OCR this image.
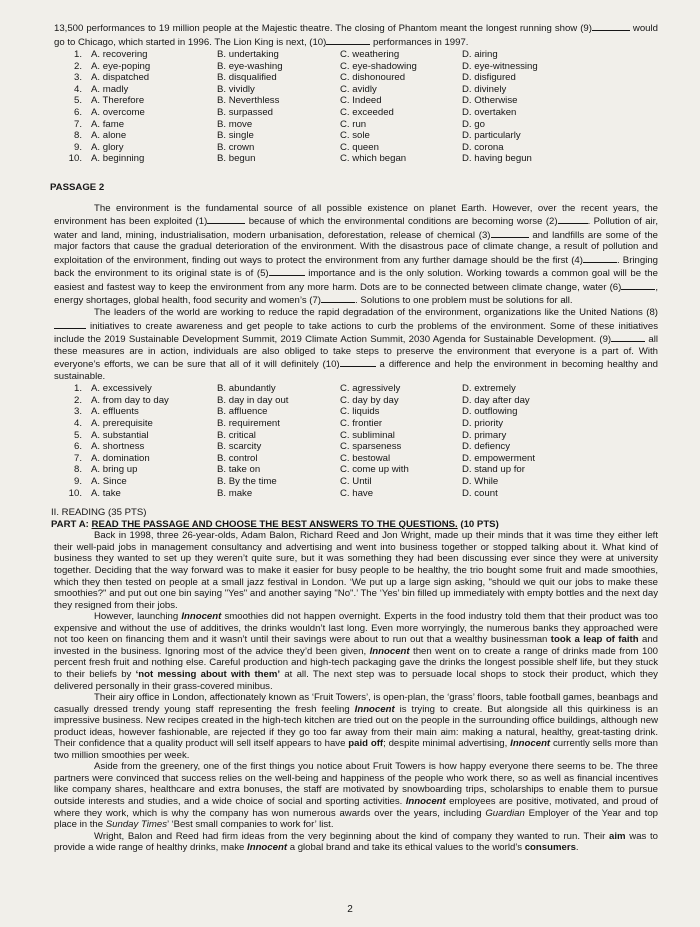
13,500 performances to 19 million people at the Majestic theatre. The closing of Phantom meant the longest running show (9)	would go to Chicago, which started in 1996. The Lion King is next, (10)	performances in 1997.

1. A. recovering	B. undertaking	C. weathering	D. airing
2. A. eye-poping	B. eye-washing	C. eye-shadowing	D. eye-witnessing
3. A. dispatched	B. disqualified	C. dishonoured	D. disfigured
4. A. madly	B. vividly	C. avidly	D. divinely
5. A. Therefore	B. Neverthless	C. Indeed	D. Otherwise
6. A. overcome	B. surpassed	C. exceeded	D. overtaken
7. A. fame	B. move	C. run	D. go
8. A. alone	B. single	C. sole	D. particularly
9. A. glory	B. crown	C. queen	D. corona
10. A. beginning	B. begun	C. which began	D. having begun

PASSAGE 2

The environment is the fundamental source of all possible existence on planet Earth. However, over the recent years, the environment has been exploited (1)	because of which the environmental conditions are becoming worse (2)	. Pollution of air, water and land, mining, industrialisation, modern urbanisation, deforestation, release of chemical (3)	and landfills are some of the major factors that cause the gradual deterioration of the environment. With the disastrous pace of climate change, a result of pollution and exploitation of the environment, finding out ways to protect the environment from any further damage should be the first (4)	. Bringing back the environment to its original state is of (5)	importance and is the only solution. Working towards a common goal will be the easiest and fastest way to keep the environment from any more harm. Dots are to be connected between climate change, water (6)	, energy shortages, global health, food security and women’s (7)	. Solutions to one problem must be solutions for all.

The leaders of the world are working to reduce the rapid degradation of the environment, organizations like the United Nations (8) initiatives to create awareness and get people to take actions to curb the problems of the environment. Some of these initiatives include the 2019 Sustainable Development Summit, 2019 Climate Action Summit, 2030 Agenda for Sustainable Development. (9)	all these measures are in action, individuals are also obliged to take steps to preserve the environment that everyone is a part of. With everyone’s efforts, we can be sure that all of it will definitely (10)	a difference and help the environment in becoming healthy and sustainable.

1. A. excessively	B. abundantly	C. agressively	D. extremely
2. A. from day to day	B. day in day out	C. day by day	D. day after day
3. A. effluents	B. affluence	C. liquids	D. outflowing
4. A. prerequisite	B. requirement	C. frontier	D. priority
5. A. substantial	B. critical	C. subliminal	D. primary
6. A. shortness	B. scarcity	C. sparseness	D. defiency
7. A. domination	B. control	C. bestowal	D. empowerment
8. A. bring up	B. take on	C. come up with	D. stand up for
9. A. Since	B. By the time	C. Until	D. While
10. A. take	B. make	C. have	D. count

II. READING (35 PTS)

PART A: READ THE PASSAGE AND CHOOSE THE BEST ANSWERS TO THE QUESTIONS. (10 PTS)

Back in 1998, three 26-year-olds, Adam Balon, Richard Reed and Jon Wright, made up their minds that it was time they either left their well-paid jobs in management consultancy and advertising and went into business together or stopped talking about it. What kind of business they wanted to set up they weren’t quite sure, but it was something they had been discussing ever since they were at university together. Deciding that the way forward was to make it easier for busy people to be healthy, the trio bought some fruit and made smoothies, which they then tested on people at a small jazz festival in London. ‘We put up a large sign asking, "should we quit our jobs to make these smoothies?" and put out one bin saying "Yes" and another saying "No".’ The ‘Yes’ bin filled up immediately with empty bottles and the next day they resigned from their jobs.

However, launching Innocent smoothies did not happen overnight. Experts in the food industry told them that their product was too expensive and without the use of additives, the drinks wouldn’t last long. Even more worryingly, the numerous banks they approached were not too keen on financing them and it wasn’t until their savings were about to run out that a wealthy businessman took a leap of faith and invested in the business. Ignoring most of the advice they’d been given, Innocent then went on to create a range of drinks made from 100 percent fresh fruit and nothing else. Careful production and high-tech packaging gave the drinks the longest possible shelf life, but they stuck to their beliefs by ‘not messing about with them’ at all. The next step was to persuade local shops to stock their product, which they delivered personally in their grass-covered minibus.

Their airy office in London, affectionately known as ‘Fruit Towers’, is open-plan, the ‘grass’ floors, table football games, beanbags and casually dressed trendy young staff representing the fresh feeling Innocent is trying to create. But alongside all this quirkiness is an impressive business. New recipes created in the high-tech kitchen are tried out on the people in the surrounding office buildings, although new product ideas, however fashionable, are rejected if they go too far away from their main aim: making a natural, healthy, great-tasting drink. Their confidence that a quality product will sell itself appears to have paid off; despite minimal advertising, Innocent currently sells more than two million smoothies per week.

Aside from the greenery, one of the first things you notice about Fruit Towers is how happy everyone there seems to be. The three partners were convinced that success relies on the well-being and happiness of the people who work there, so as well as financial incentives like company shares, healthcare and extra bonuses, the staff are motivated by snowboarding trips, scholarships to enable them to pursue outside interests and studies, and a wide choice of social and sporting activities. Innocent employees are positive, motivated, and proud of where they work, which is why the company has won numerous awards over the years, including Guardian Employer of the Year and top place in the Sunday Times’ ‘Best small companies to work for’ list.

Wright, Balon and Reed had firm ideas from the very beginning about the kind of company they wanted to run. Their aim was to provide a wide range of healthy drinks, make Innocent a global brand and take its ethical values to the world’s consumers.

2
